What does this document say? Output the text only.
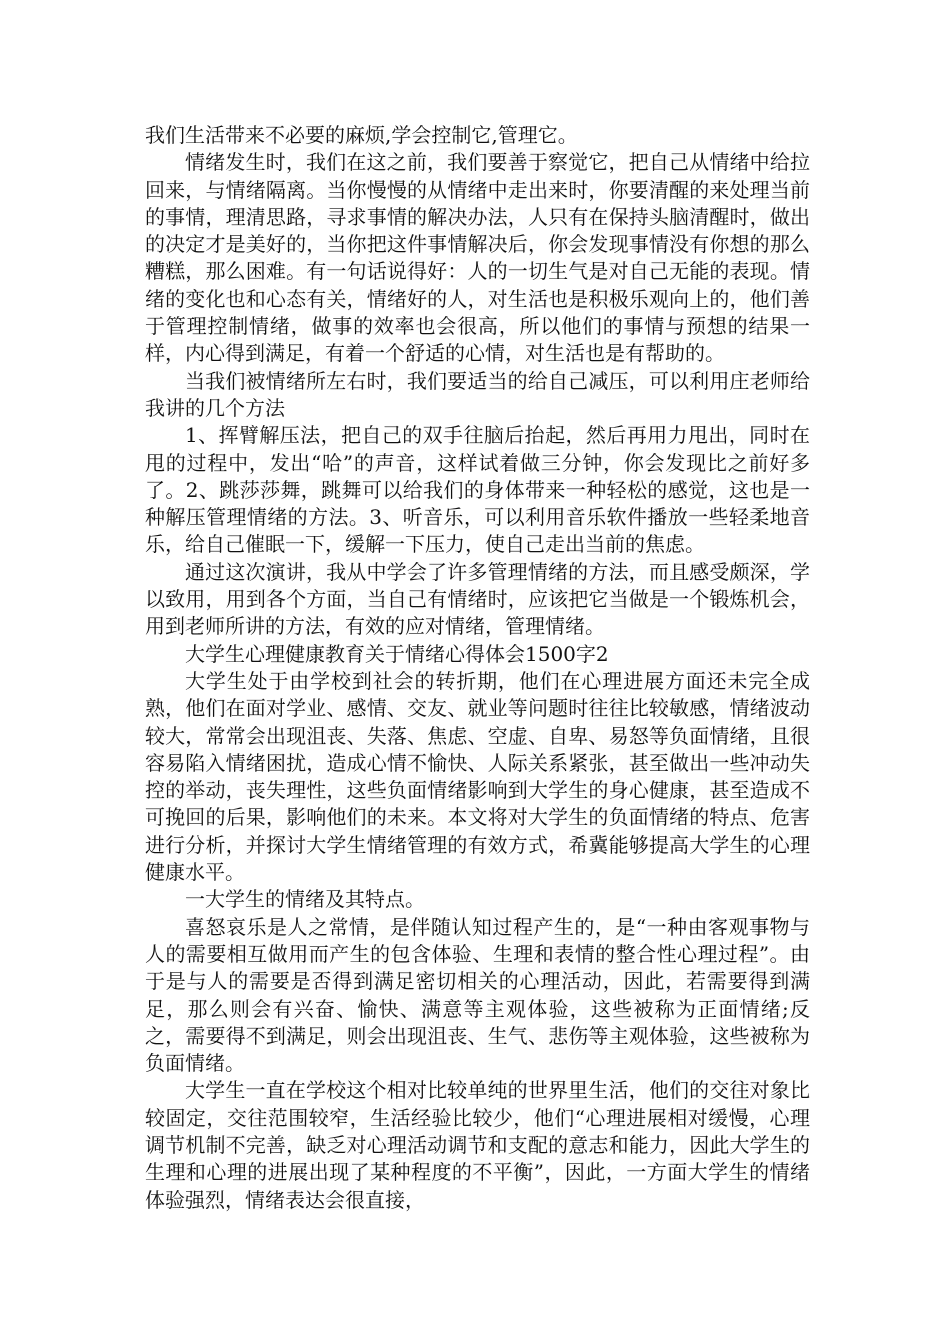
我们生活带来不必要的麻烦,学会控制它,管理它。

情绪发生时，我们在这之前，我们要善于察觉它，把自己从情绪中给拉回来，与情绪隔离。当你慢慢的从情绪中走出来时，你要清醒的来处理当前的事情，理清思路，寻求事情的解决办法，人只有在保持头脑清醒时，做出的决定才是美好的，当你把这件事情解决后，你会发现事情没有你想的那么糟糕，那么困难。有一句话说得好：人的一切生气是对自己无能的表现。情绪的变化也和心态有关，情绪好的人，对生活也是积极乐观向上的，他们善于管理控制情绪，做事的效率也会很高，所以他们的事情与预想的结果一样，内心得到满足，有着一个舒适的心情，对生活也是有帮助的。

当我们被情绪所左右时，我们要适当的给自己减压，可以利用庄老师给我讲的几个方法

1、挥臂解压法，把自己的双手往脑后抬起，然后再用力甩出，同时在甩的过程中，发出“哈”的声音，这样试着做三分钟，你会发现比之前好多了。2、跳莎莎舞，跳舞可以给我们的身体带来一种轻松的感觉，这也是一种解压管理情绪的方法。3、听音乐，可以利用音乐软件播放一些轻柔地音乐，给自己催眠一下，缓解一下压力，使自己走出当前的焦虑。

通过这次演讲，我从中学会了许多管理情绪的方法，而且感受颇深，学以致用，用到各个方面，当自己有情绪时，应该把它当做是一个锻炼机会，用到老师所讲的方法，有效的应对情绪，管理情绪。

大学生心理健康教育关于情绪心得体会1500字2

大学生处于由学校到社会的转折期，他们在心理进展方面还未完全成熟，他们在面对学业、感情、交友、就业等问题时往往比较敏感，情绪波动较大，常常会出现沮丧、失落、焦虑、空虚、自卑、易怒等负面情绪，且很容易陷入情绪困扰，造成心情不愉快、人际关系紧张，甚至做出一些冲动失控的举动，丧失理性，这些负面情绪影响到大学生的身心健康，甚至造成不可挽回的后果，影响他们的未来。本文将对大学生的负面情绪的特点、危害进行分析，并探讨大学生情绪管理的有效方式，希冀能够提高大学生的心理健康水平。

一大学生的情绪及其特点。

喜怒哀乐是人之常情，是伴随认知过程产生的，是“一种由客观事物与人的需要相互做用而产生的包含体验、生理和表情的整合性心理过程”。由于是与人的需要是否得到满足密切相关的心理活动，因此，若需要得到满足，那么则会有兴奋、愉快、满意等主观体验，这些被称为正面情绪;反之，需要得不到满足，则会出现沮丧、生气、悲伤等主观体验，这些被称为负面情绪。

大学生一直在学校这个相对比较单纯的世界里生活，他们的交往对象比较固定，交往范围较窄，生活经验比较少，他们“心理进展相对缓慢，心理调节机制不完善，缺乏对心理活动调节和支配的意志和能力，因此大学生的生理和心理的进展出现了某种程度的不平衡”，因此，一方面大学生的情绪体验强烈，情绪表达会很直接，
